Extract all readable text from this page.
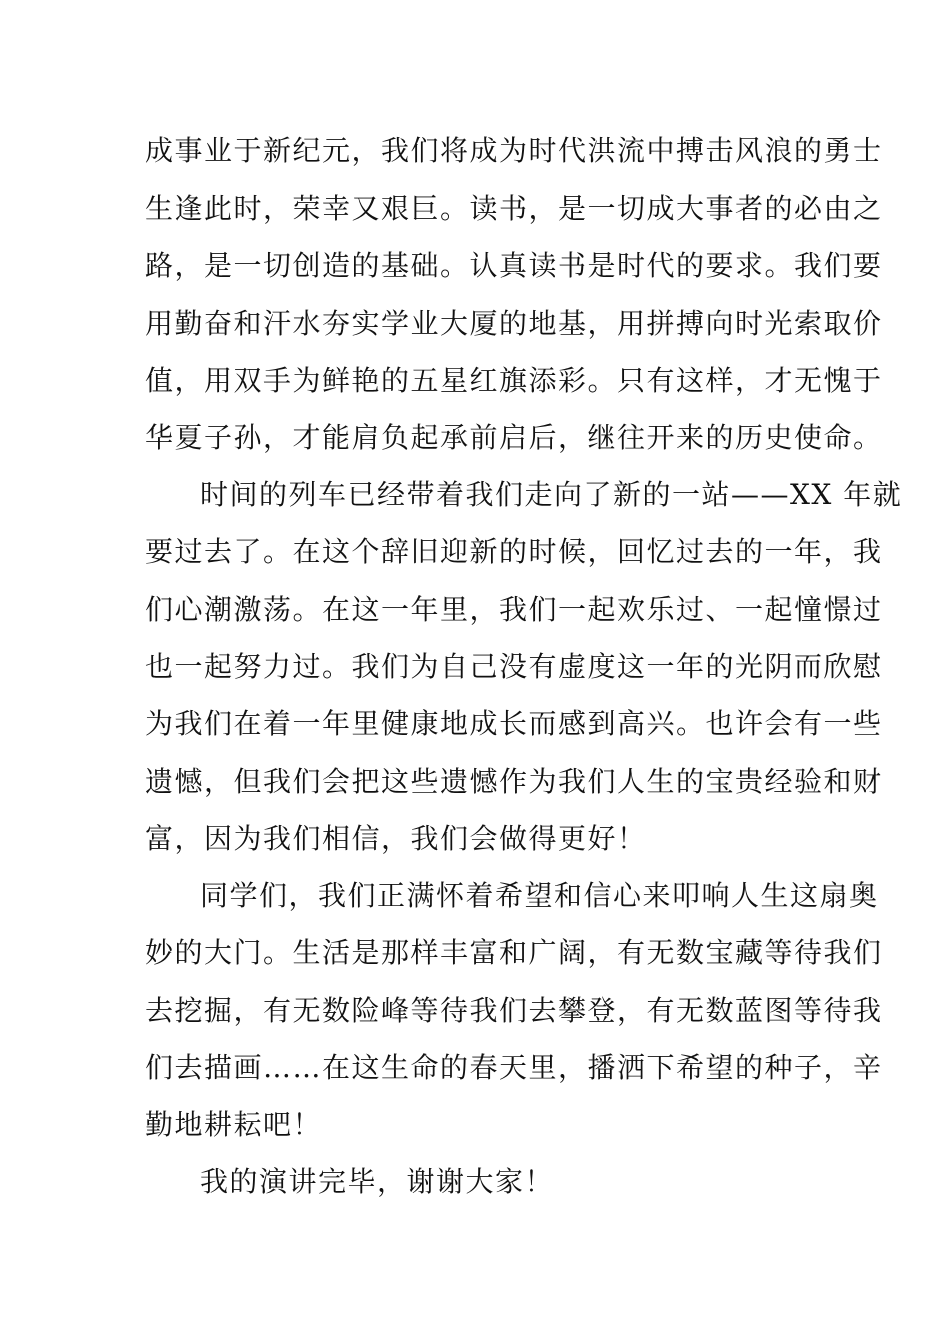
成事业于新纪元，我们将成为时代洪流中搏击风浪的勇士
生逢此时，荣幸又艰巨。读书，是一切成大事者的必由之
路，是一切创造的基础。认真读书是时代的要求。我们要
用勤奋和汗水夯实学业大厦的地基，用拼搏向时光索取价
值，用双手为鲜艳的五星红旗添彩。只有这样，才无愧于
华夏子孙，才能肩负起承前启后，继往开来的历史使命。
时间的列车已经带着我们走向了新的一站——XX 年就
要过去了。在这个辞旧迎新的时候，回忆过去的一年，我
们心潮激荡。在这一年里，我们一起欢乐过、一起憧憬过
也一起努力过。我们为自己没有虚度这一年的光阴而欣慰
为我们在着一年里健康地成长而感到高兴。也许会有一些
遗憾，但我们会把这些遗憾作为我们人生的宝贵经验和财
富，因为我们相信，我们会做得更好！
同学们，我们正满怀着希望和信心来叩响人生这扇奥
妙的大门。生活是那样丰富和广阔，有无数宝藏等待我们
去挖掘，有无数险峰等待我们去攀登，有无数蓝图等待我
们去描画……在这生命的春天里，播洒下希望的种子，辛
勤地耕耘吧！
我的演讲完毕，谢谢大家！
